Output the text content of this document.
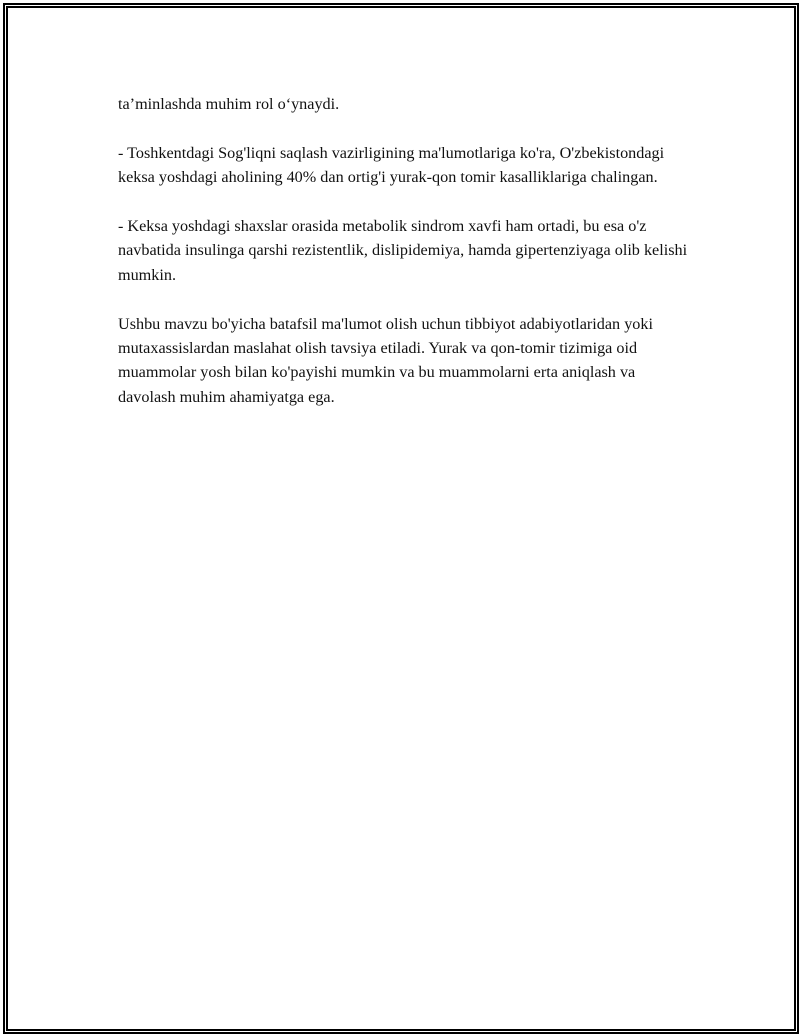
ta’minlashda muhim rol o‘ynaydi.

- Toshkentdagi Sog'liqni saqlash vazirligining ma'lumotlariga ko'ra, O'zbekistondagi keksa yoshdagi aholining 40% dan ortig'i yurak-qon tomir kasalliklariga chalingan.

- Keksa yoshdagi shaxslar orasida metabolik sindrom xavfi ham ortadi, bu esa o'z navbatida insulinga qarshi rezistentlik, dislipidemiya, hamda gipertenziyaga olib kelishi mumkin.

Ushbu mavzu bo'yicha batafsil ma'lumot olish uchun tibbiyot adabiyotlaridan yoki mutaxassislardan maslahat olish tavsiya etiladi. Yurak va qon-tomir tizimiga oid muammolar yosh bilan ko'payishi mumkin va bu muammolarni erta aniqlash va davolash muhim ahamiyatga ega.
